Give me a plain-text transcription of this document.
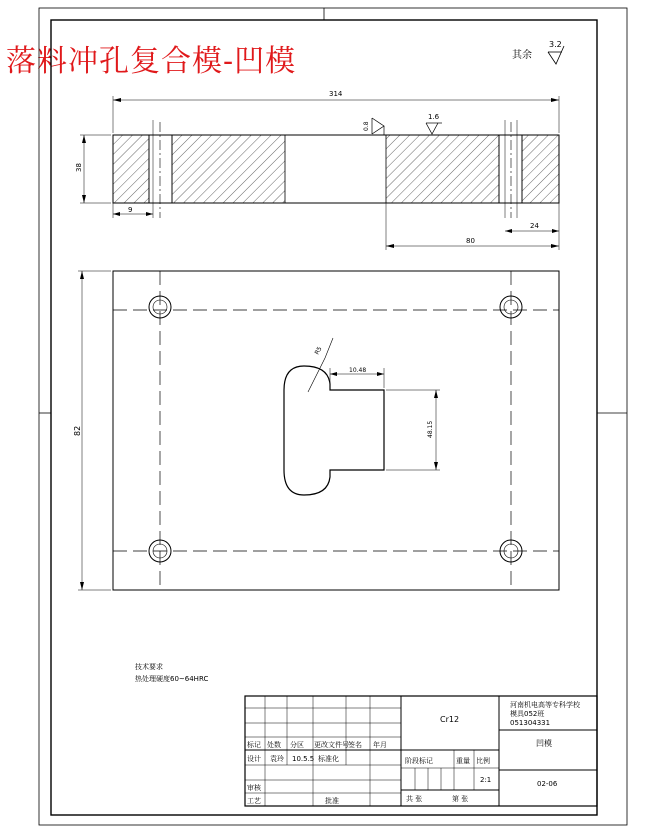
落料冲孔复合模-凹模	其余
3.2
314
38
9
24
80
0.8
1.6
R5
10.48
48.15
82
技术要求
热处理硬度60~64HRC
Cr12
河南机电高等专科学校
模具052班
051304331
凹模
02-06
标记 处数 分区 更改文件号 签名 年月
设计 袁玲 10.5.5 标准化
审核
工艺	批准
阶段标记	重量 比例
2:1
共 张	第 张
